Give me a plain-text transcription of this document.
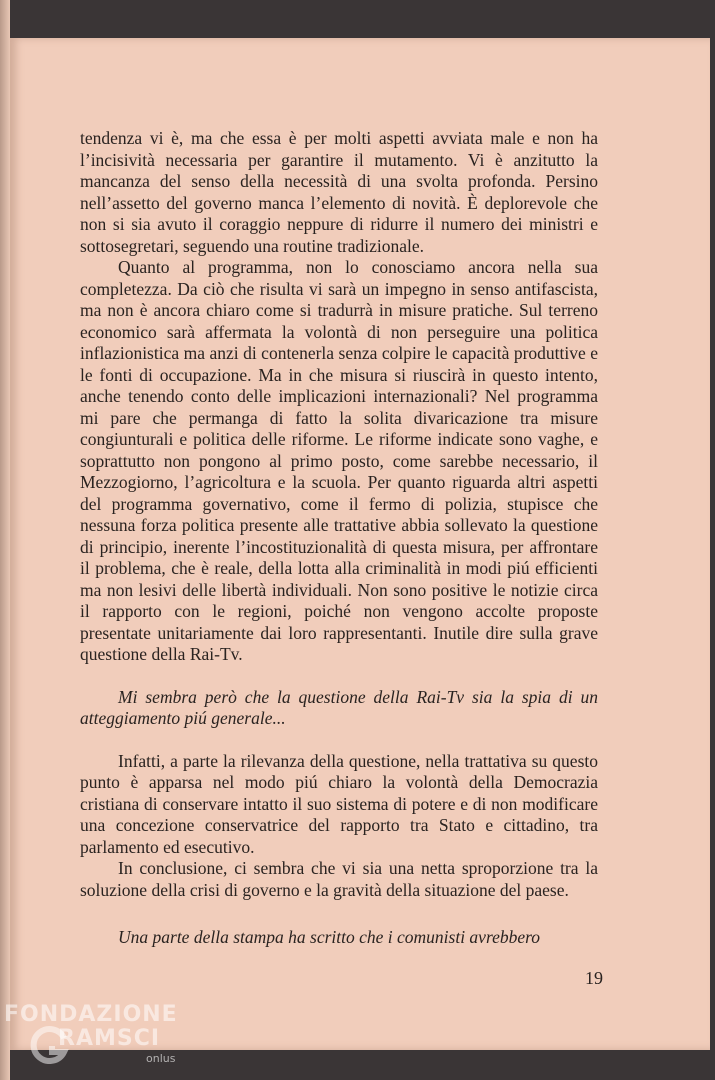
tendenza vi è, ma che essa è per molti aspetti avviata male e non ha l’incisività necessaria per garantire il mutamento. Vi è anzitutto la mancanza del senso della necessità di una svolta profonda. Persino nell’assetto del governo manca l’elemento di novità. È deplorevole che non si sia avuto il coraggio neppure di ridurre il numero dei ministri e sottosegretari, seguendo una routine tradizionale.

Quanto al programma, non lo conosciamo ancora nella sua completezza. Da ciò che risulta vi sarà un impegno in senso antifascista, ma non è ancora chiaro come si tradurrà in misure pratiche. Sul terreno economico sarà affermata la volontà di non perseguire una politica inflazionistica ma anzi di contenerla senza colpire le capacità produttive e le fonti di occupazione. Ma in che misura si riuscirà in questo intento, anche tenendo conto delle implicazioni internazionali? Nel programma mi pare che permanga di fatto la solita divaricazione tra misure congiunturali e politica delle riforme. Le riforme indicate sono vaghe, e soprattutto non pongono al primo posto, come sarebbe necessario, il Mezzogiorno, l’agricoltura e la scuola. Per quanto riguarda altri aspetti del programma governativo, come il fermo di polizia, stupisce che nessuna forza politica presente alle trattative abbia sollevato la questione di principio, inerente l’incostituzionalità di questa misura, per affrontare il problema, che è reale, della lotta alla criminalità in modi piú efficienti ma non lesivi delle libertà individuali. Non sono positive le notizie circa il rapporto con le regioni, poiché non vengono accolte proposte presentate unitariamente dai loro rappresentanti. Inutile dire sulla grave questione della Rai-Tv.

Mi sembra però che la questione della Rai-Tv sia la spia di un atteggiamento piú generale...

Infatti, a parte la rilevanza della questione, nella trattativa su questo punto è apparsa nel modo piú chiaro la volontà della Democrazia cristiana di conservare intatto il suo sistema di potere e di non modificare una concezione conservatrice del rapporto tra Stato e cittadino, tra parlamento ed esecutivo.

In conclusione, ci sembra che vi sia una netta sproporzione tra la soluzione della crisi di governo e la gravità della situazione del paese.

Una parte della stampa ha scritto che i comunisti avrebbero

19
FONDAZIONE
RAMSCI
onlus
